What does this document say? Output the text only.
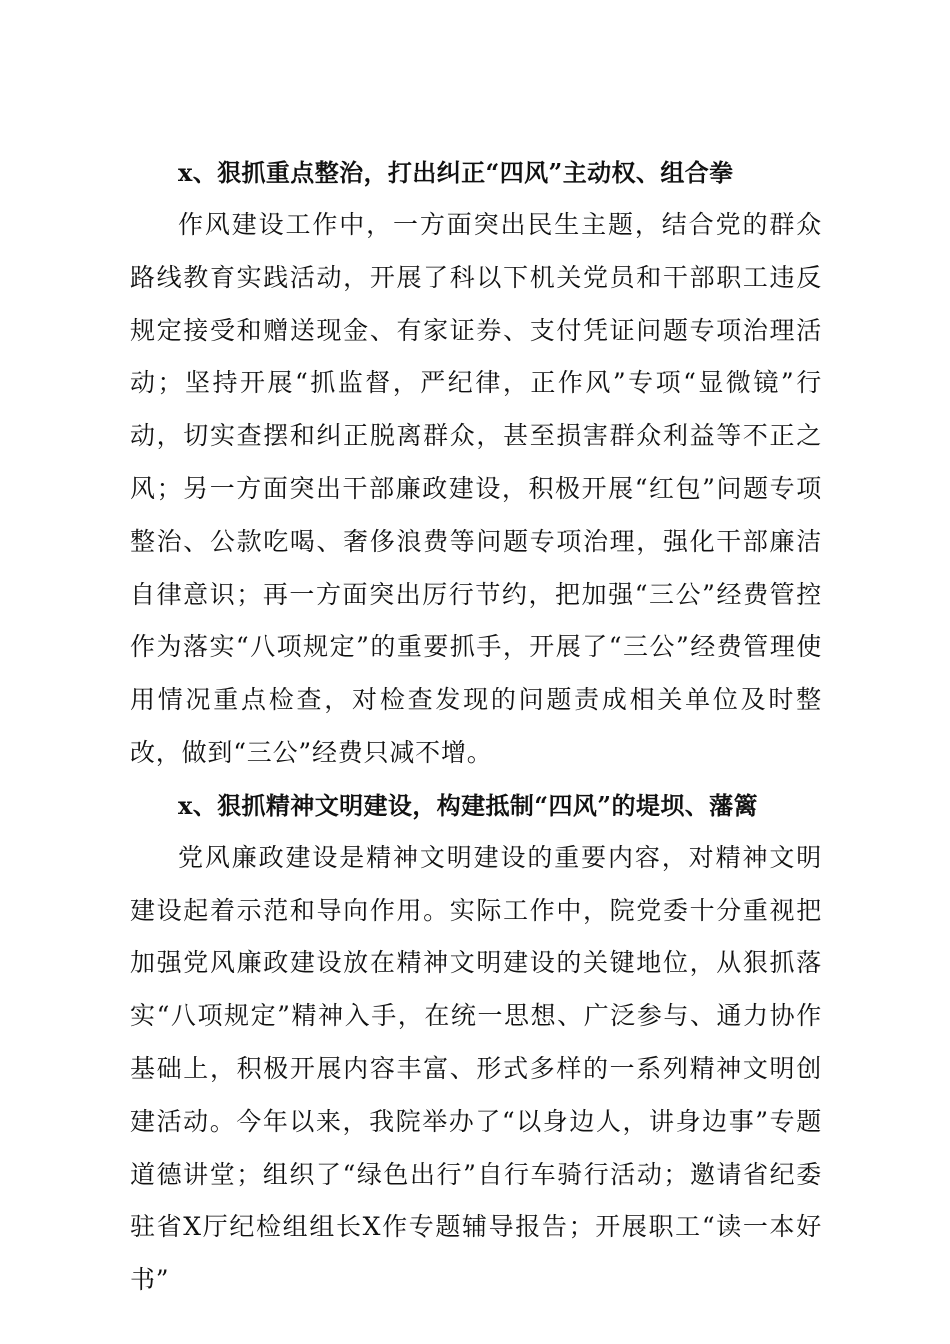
x、狠抓重点整治，打出纠正“四风”主动权、组合拳

作风建设工作中，一方面突出民生主题，结合党的群众路线教育实践活动，开展了科以下机关党员和干部职工违反规定接受和赠送现金、有家证券、支付凭证问题专项治理活动；坚持开展“抓监督，严纪律，正作风”专项“显微镜”行动，切实查摆和纠正脱离群众，甚至损害群众利益等不正之风；另一方面突出干部廉政建设，积极开展“红包”问题专项整治、公款吃喝、奢侈浪费等问题专项治理，强化干部廉洁自律意识；再一方面突出厉行节约，把加强“三公”经费管控作为落实“八项规定”的重要抓手，开展了“三公”经费管理使用情况重点检查，对检查发现的问题责成相关单位及时整改，做到“三公”经费只减不增。

x、狠抓精神文明建设，构建抵制“四风”的堤坝、藩篱

党风廉政建设是精神文明建设的重要内容，对精神文明建设起着示范和导向作用。实际工作中，院党委十分重视把加强党风廉政建设放在精神文明建设的关键地位，从狠抓落实“八项规定”精神入手，在统一思想、广泛参与、通力协作基础上，积极开展内容丰富、形式多样的一系列精神文明创建活动。今年以来，我院举办了“以身边人，讲身边事”专题道德讲堂；组织了“绿色出行”自行车骑行活动；邀请省纪委驻省X厅纪检组组长X作专题辅导报告；开展职工“读一本好书”
